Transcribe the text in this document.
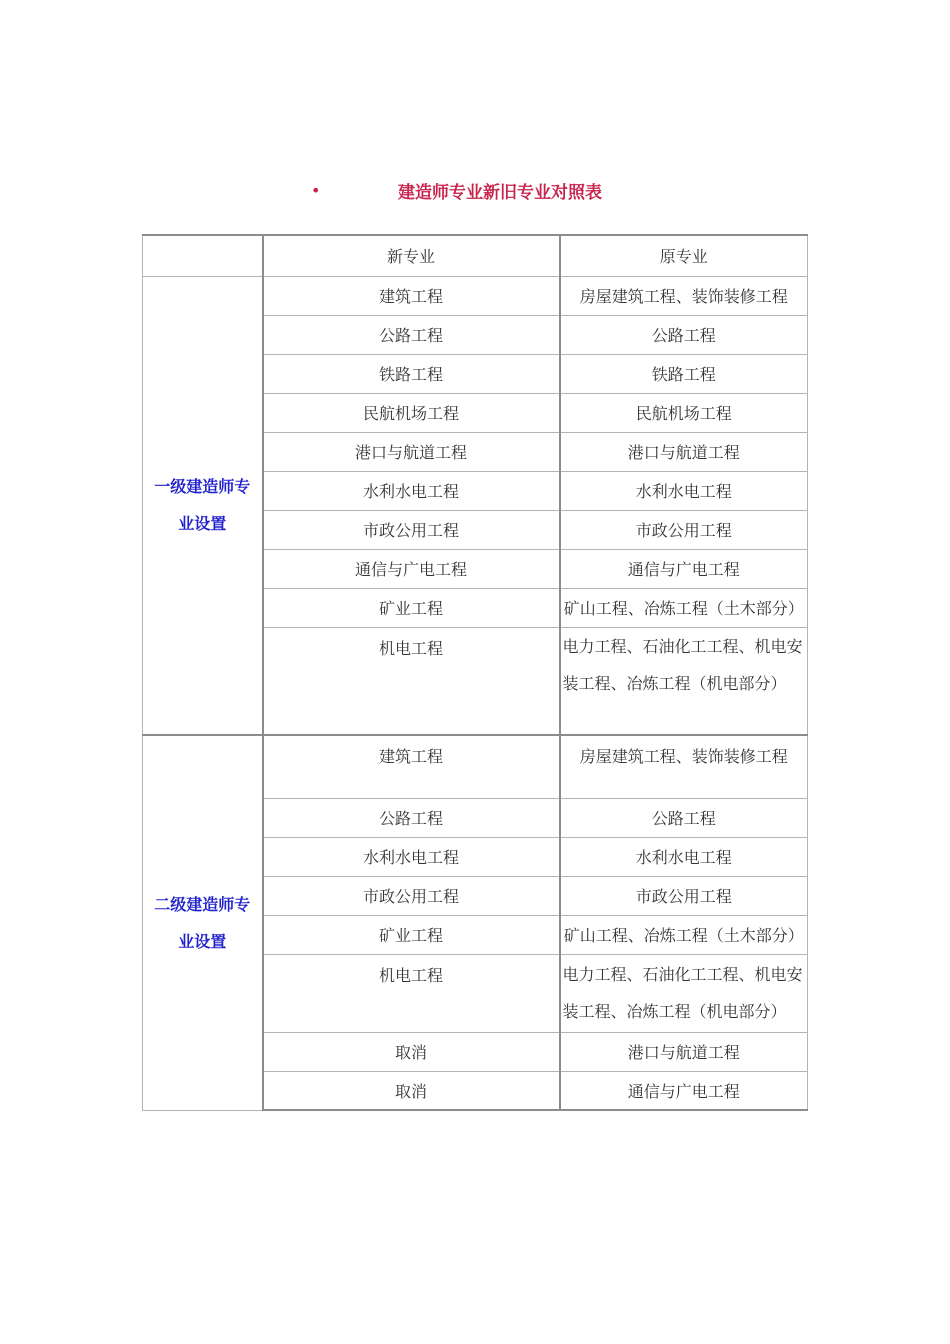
•	建造师专业新旧专业对照表
	新专业	原专业
一级建造师专业设置	建筑工程	房屋建筑工程、装饰装修工程
	公路工程	公路工程
	铁路工程	铁路工程
	民航机场工程	民航机场工程
	港口与航道工程	港口与航道工程
	水利水电工程	水利水电工程
	市政公用工程	市政公用工程
	通信与广电工程	通信与广电工程
	矿业工程	矿山工程、冶炼工程（土木部分）
	机电工程	电力工程、石油化工工程、机电安装工程、冶炼工程（机电部分）
二级建造师专业设置	建筑工程	房屋建筑工程、装饰装修工程
	公路工程	公路工程
	水利水电工程	水利水电工程
	市政公用工程	市政公用工程
	矿业工程	矿山工程、冶炼工程（土木部分）
	机电工程	电力工程、石油化工工程、机电安装工程、冶炼工程（机电部分）
	取消	港口与航道工程
	取消	通信与广电工程
